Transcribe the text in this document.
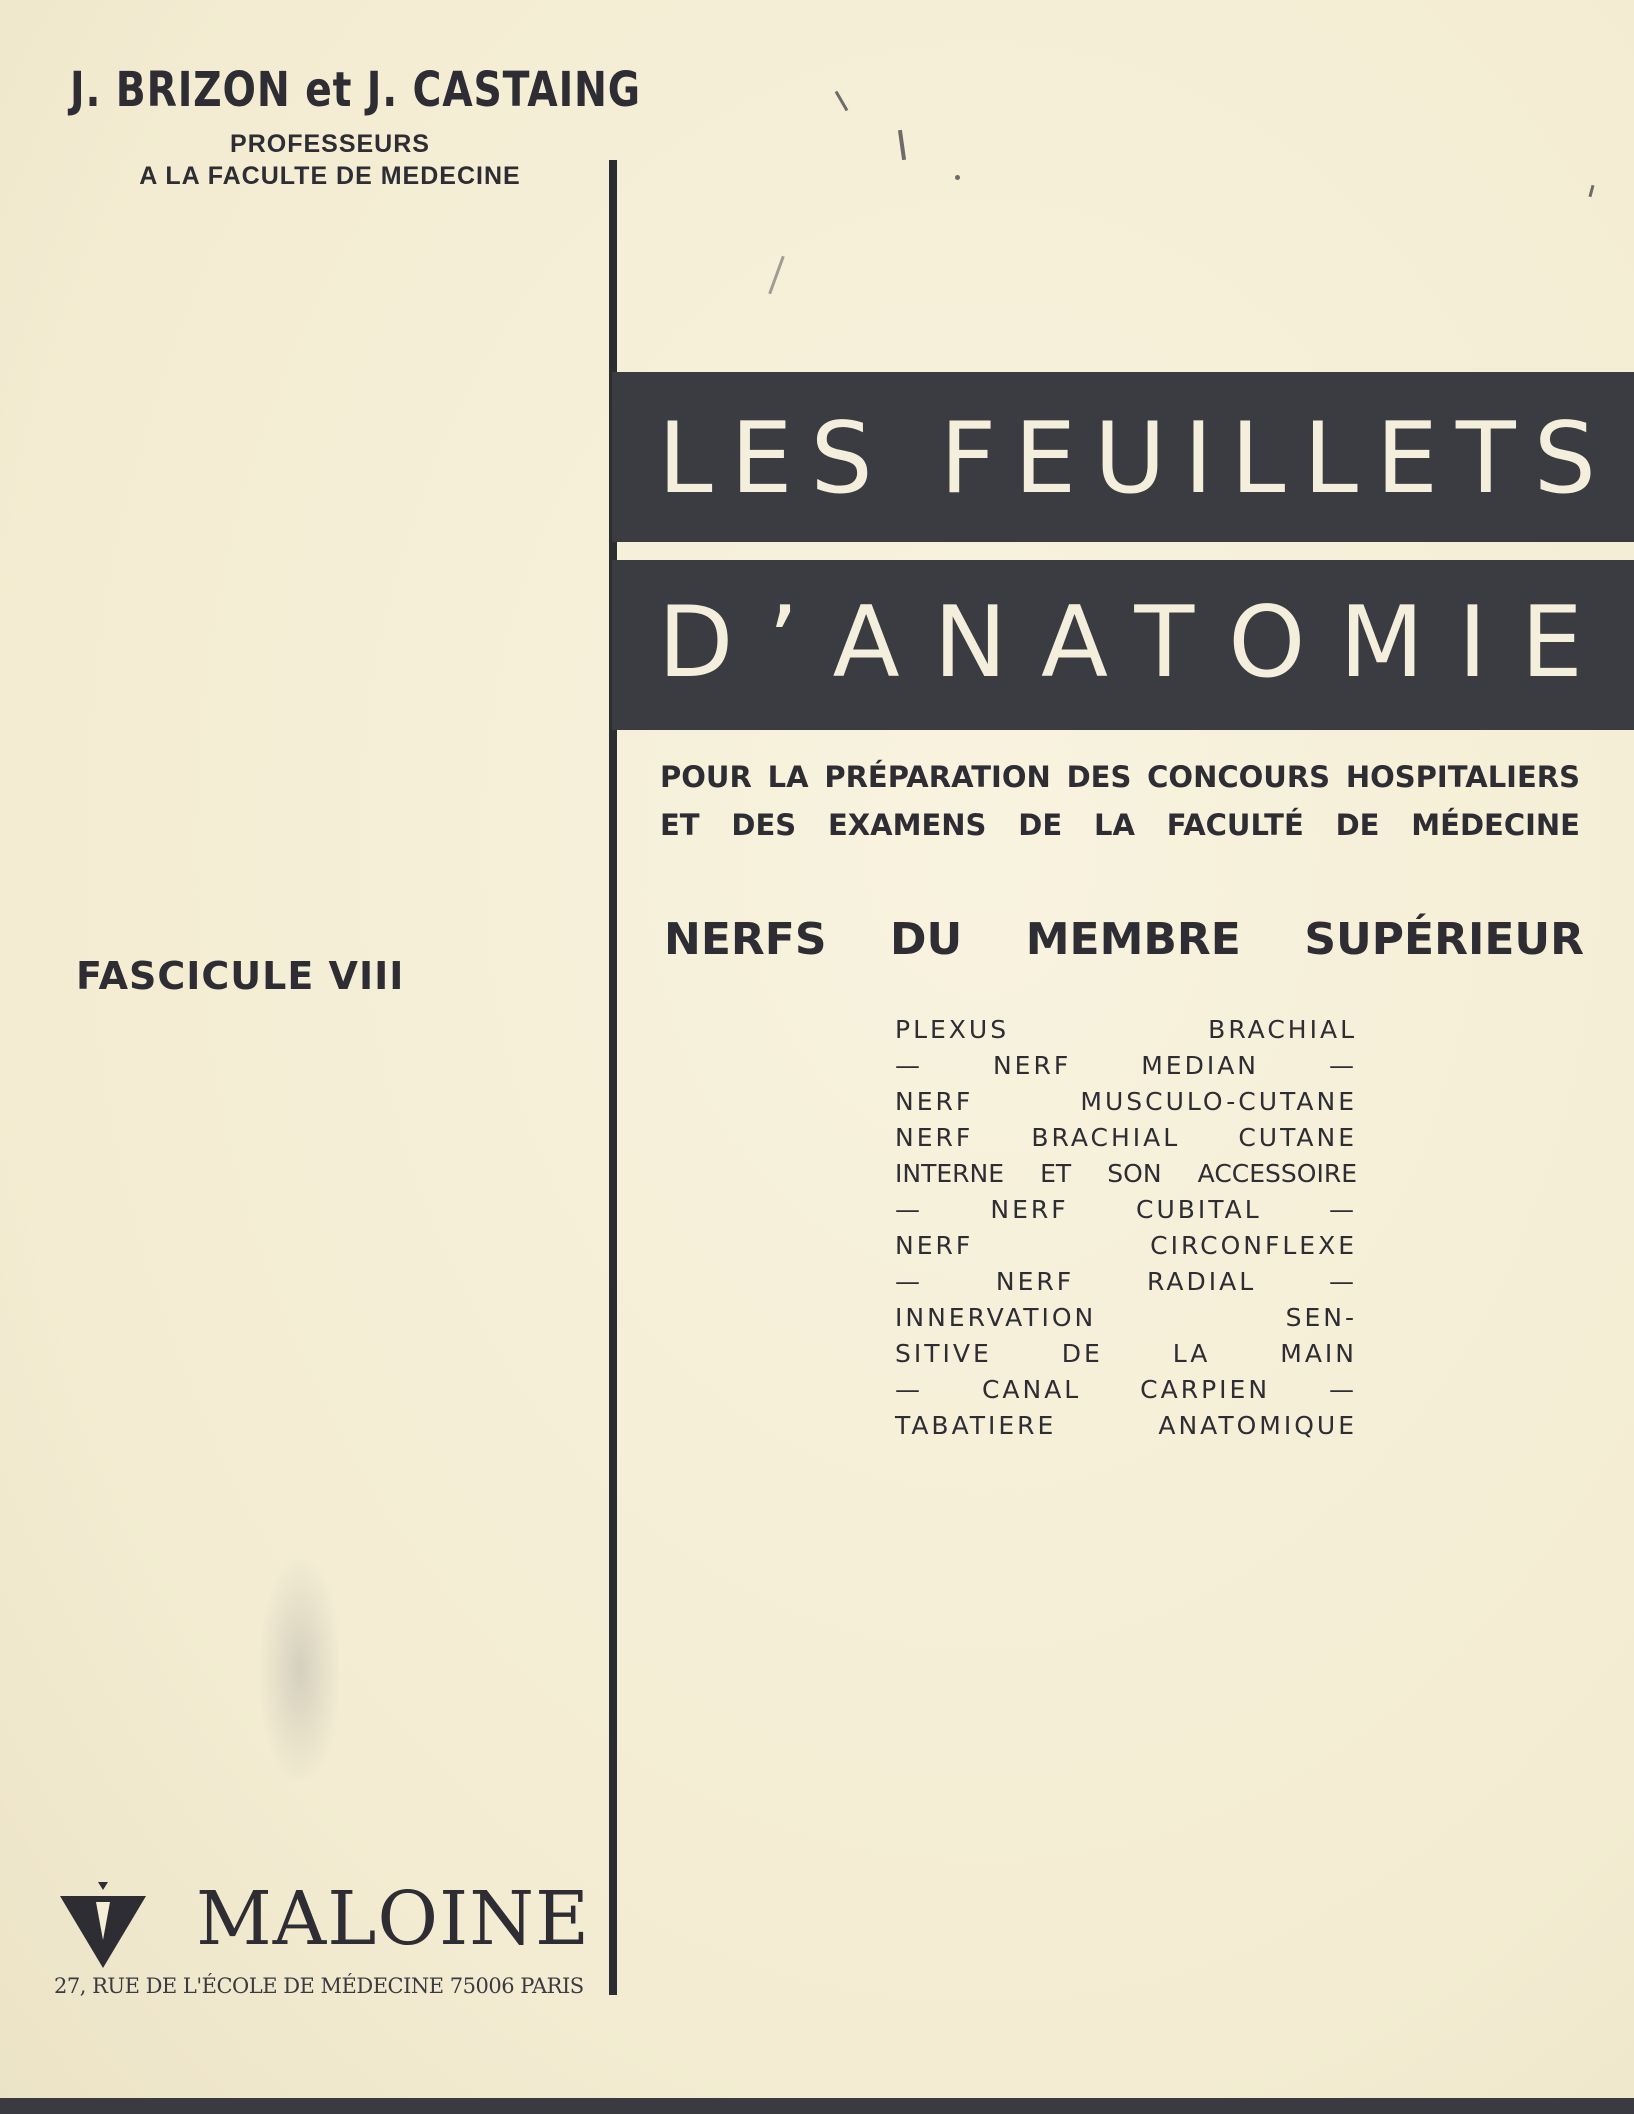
J. BRIZON et J. CASTAING
PROFESSEURS
A LA FACULTE DE MEDECINE
LES FEUILLETS
D’ANATOMIE
POUR LA PRÉPARATION DES CONCOURS HOSPITALIERS
ET DES EXAMENS DE LA FACULTÉ DE MÉDECINE
FASCICULE VIII
NERFS DU MEMBRE SUPÉRIEUR
PLEXUS BRACHIAL
— NERF MEDIAN —
NERF MUSCULO-CUTANE
NERF BRACHIAL CUTANE
INTERNE ET SON ACCESSOIRE
— NERF CUBITAL —
NERF CIRCONFLEXE
— NERF RADIAL —
INNERVATION SEN-
SITIVE DE LA MAIN
— CANAL CARPIEN —
TABATIERE ANATOMIQUE
MALOINE
27, RUE DE L'ÉCOLE DE MÉDECINE 75006 PARIS
